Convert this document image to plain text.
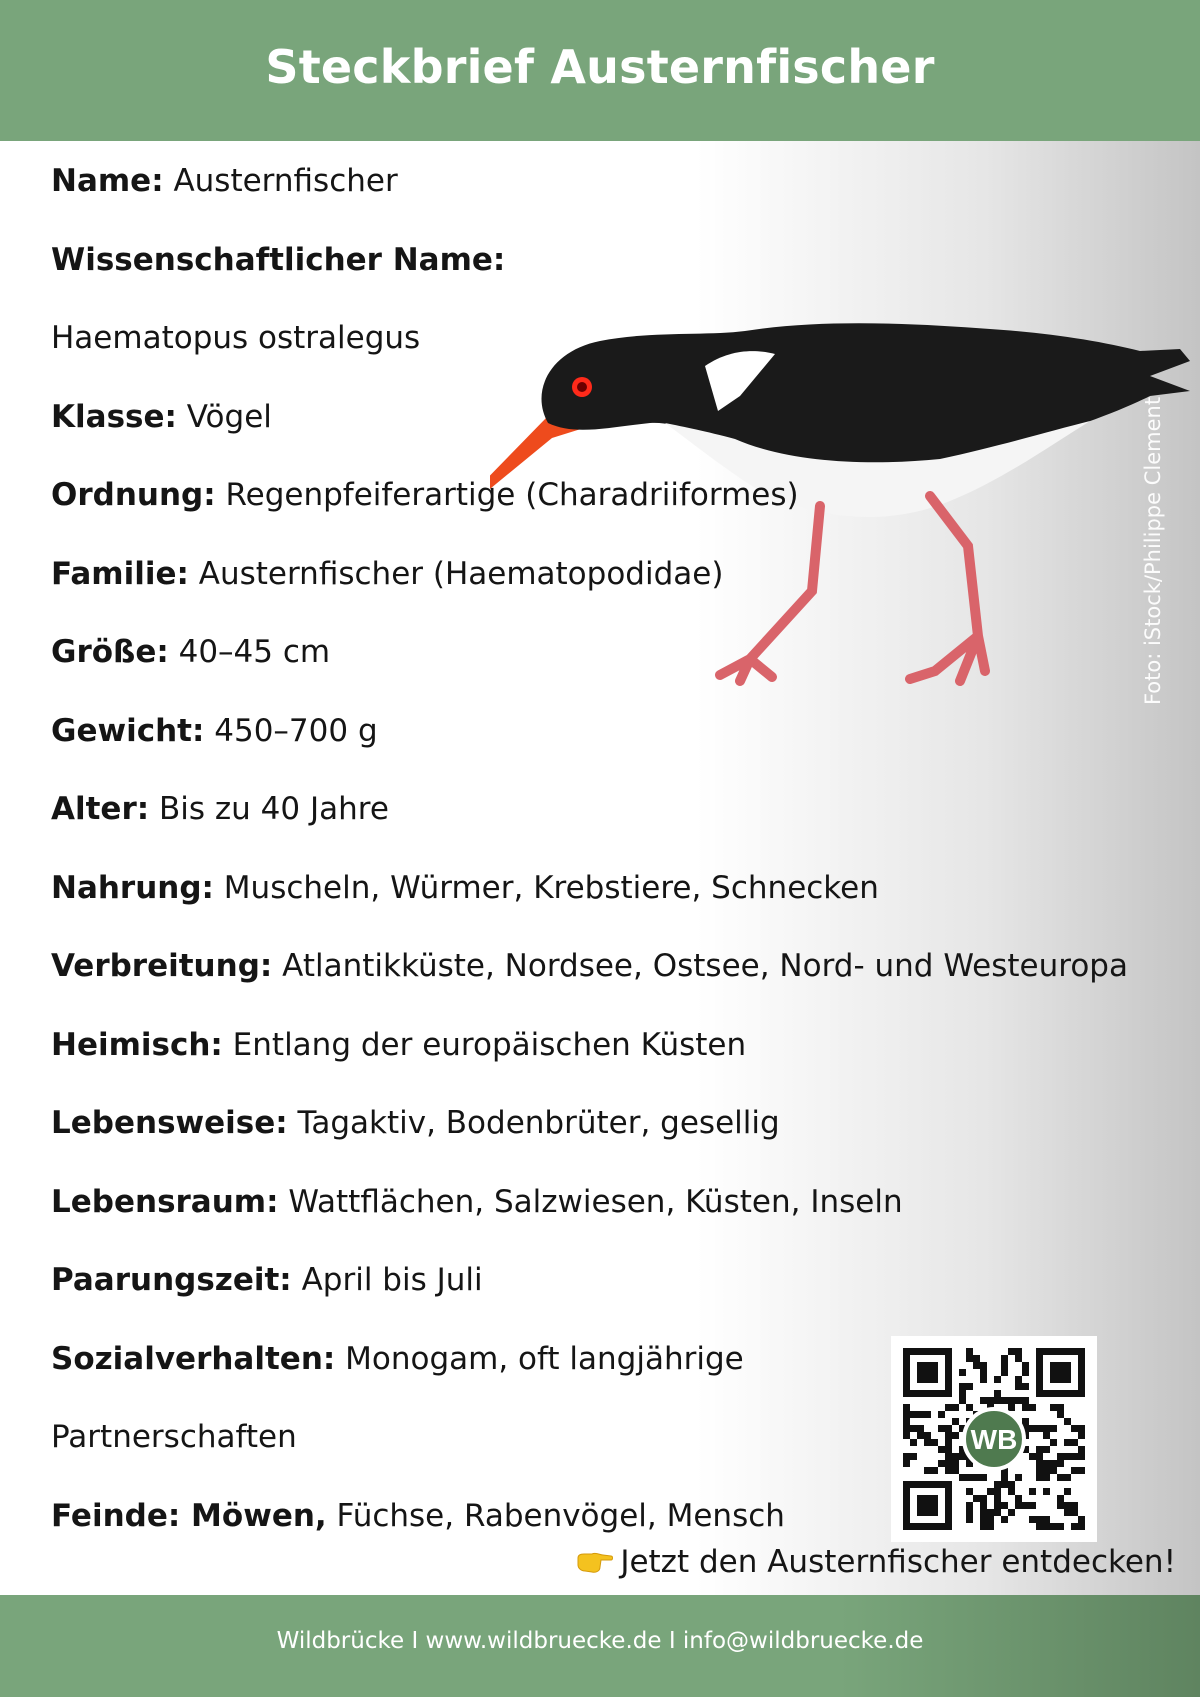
Steckbrief Austernfischer
Foto: iStock/Philippe Clement
Name: Austernfischer
Wissenschaftlicher Name:
Haematopus ostralegus
Klasse: Vögel
Ordnung: Regenpfeiferartige (Charadriiformes)
Familie: Austernfischer (Haematopodidae)
Größe: 40–45 cm
Gewicht: 450–700 g
Alter: Bis zu 40 Jahre
Nahrung: Muscheln, Würmer, Krebstiere, Schnecken
Verbreitung: Atlantikküste, Nordsee, Ostsee, Nord- und Westeuropa
Heimisch: Entlang der europäischen Küsten
Lebensweise: Tagaktiv, Bodenbrüter, gesellig
Lebensraum: Wattflächen, Salzwiesen, Küsten, Inseln
Paarungszeit: April bis Juli
Sozialverhalten: Monogam, oft langjährige
Partnerschaften
Feinde: Möwen, Füchse, Rabenvögel, Mensch
WB
Jetzt den Austernfischer entdecken!
Wildbrücke I www.wildbruecke.de I info@wildbruecke.de
